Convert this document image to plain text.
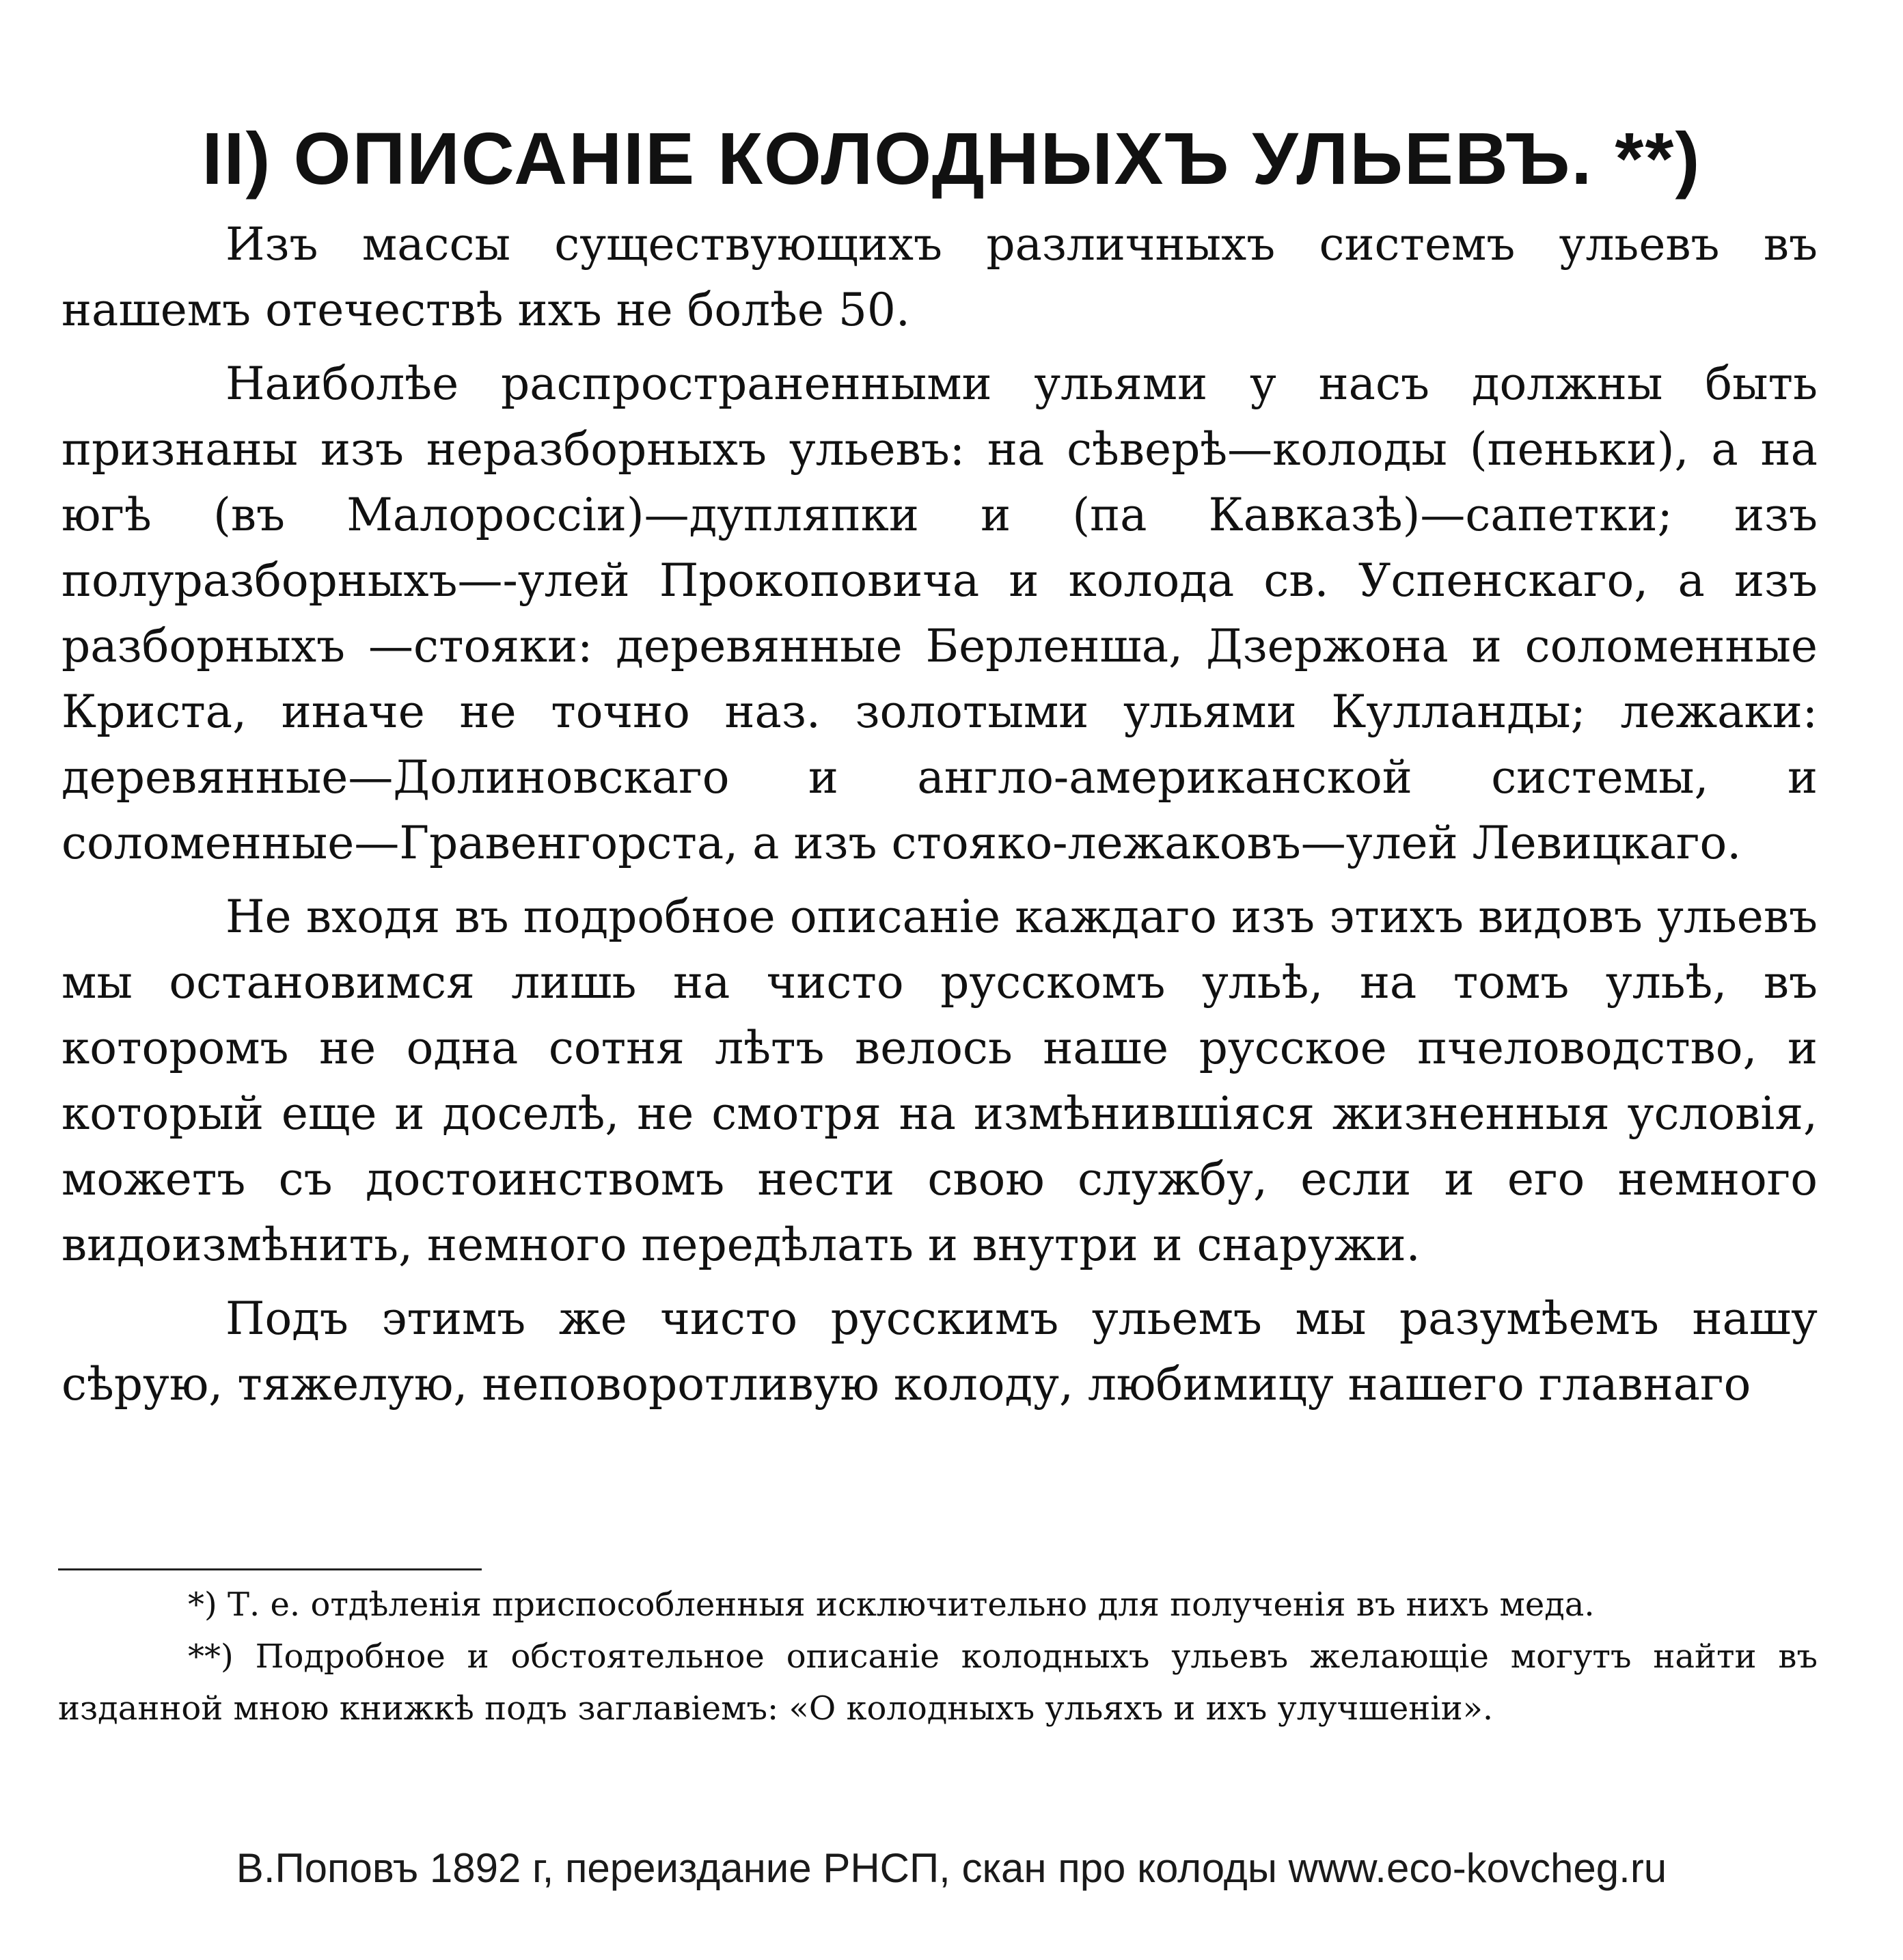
II) ОПИСАНІЕ КОЛОДНЫХЪ УЛЬЕВЪ. **)

Изъ массы существующихъ различныхъ системъ ульевъ въ нашемъ отечествѣ ихъ не болѣе 50.

Наиболѣе распространенными ульями у насъ должны быть признаны изъ неразборныхъ ульевъ: на сѣверѣ—колоды (пеньки), а на югѣ (въ Малороссіи)—дупляпки и (па Кавказѣ)—сапетки; изъ полуразборныхъ—-улей Прокоповича и колода св. Успенскаго, а изъ разборныхъ —стояки: деревянные Берленша, Дзержона и соломенные Криста, иначе не точно наз. золотыми ульями Кулланды; лежаки: деревянные—Долиновскаго и англо-американской системы, и соломенные—Гравенгорста, а изъ стояко-лежаковъ—улей Левицкаго.

Не входя въ подробное описаніе каждаго изъ этихъ видовъ ульевъ мы остановимся лишь на чисто русскомъ ульѣ, на томъ ульѣ, въ которомъ не одна сотня лѣтъ велось наше русское пчеловодство, и который еще и доселѣ, не смотря на измѣнившіяся жизненныя условія, можетъ съ достоинствомъ нести свою службу, если и его немного видоизмѣнить, немного передѣлать и внутри и снаружи.

Подъ этимъ же чисто русскимъ ульемъ мы разумѣемъ нашу сѣрую, тяжелую, неповоротливую колоду, любимицу нашего главнаго

*) Т. е. отдѣленія приспособленныя исключительно для полученія въ нихъ меда.

**) Подробное и обстоятельное описаніе колодныхъ ульевъ желающіе могутъ найти въ изданной мною книжкѣ подъ заглавіемъ: «О колодныхъ ульяхъ и ихъ улучшеніи».

В.Поповъ 1892 г, переиздание РНСП, скан про колоды www.eco-kovcheg.ru
